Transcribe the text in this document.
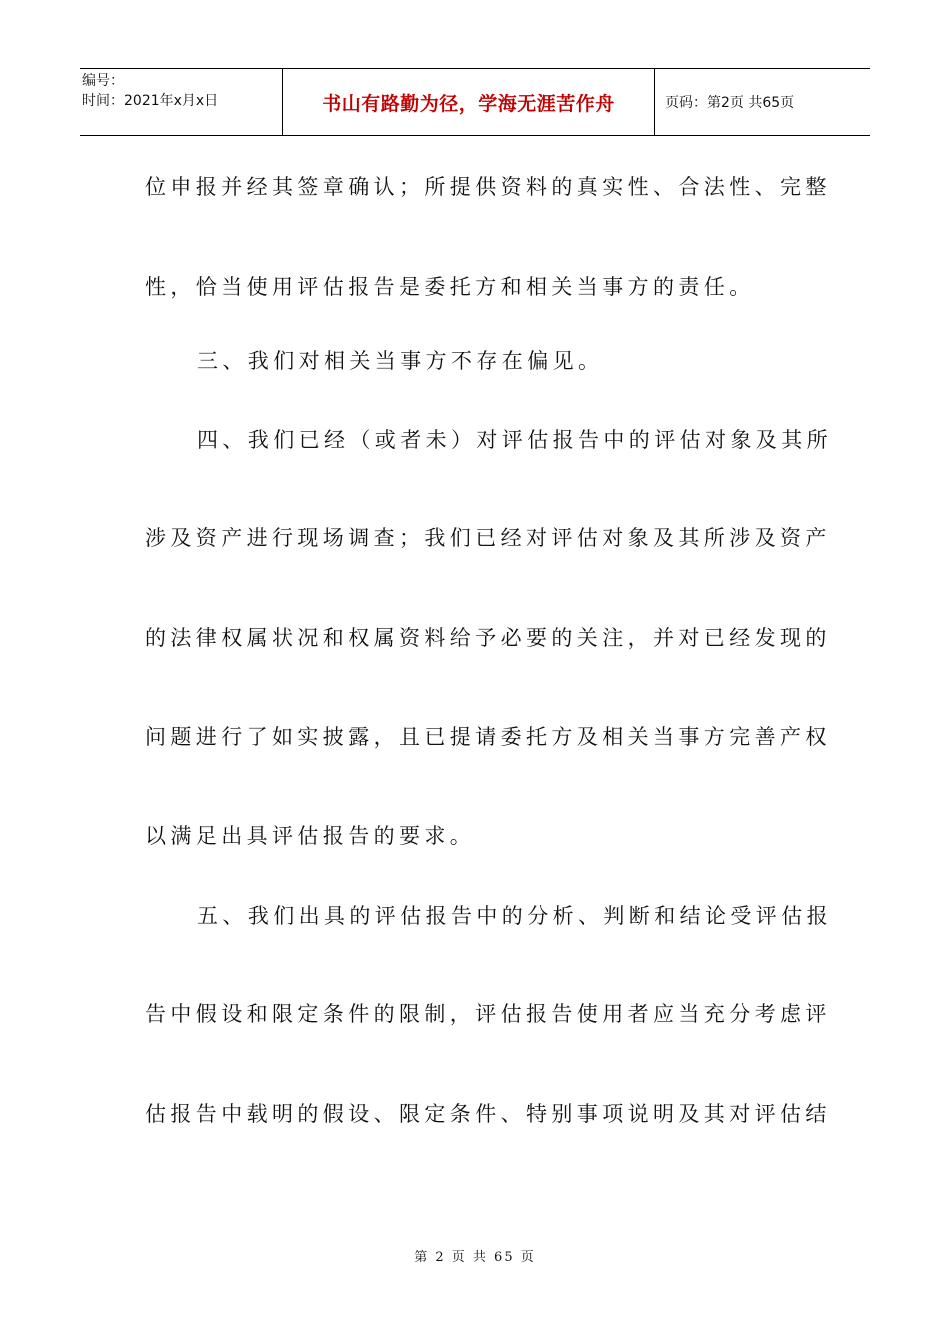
编号：
时间：2021年x月x日	书山有路勤为径，学海无涯苦作舟	页码：第2页 共65页
位申报并经其签章确认；所提供资料的真实性、合法性、完整
性，恰当使用评估报告是委托方和相关当事方的责任。
三、我们对相关当事方不存在偏见。
四、我们已经（或者未）对评估报告中的评估对象及其所
涉及资产进行现场调查；我们已经对评估对象及其所涉及资产
的法律权属状况和权属资料给予必要的关注，并对已经发现的
问题进行了如实披露，且已提请委托方及相关当事方完善产权
以满足出具评估报告的要求。
五、我们出具的评估报告中的分析、判断和结论受评估报
告中假设和限定条件的限制，评估报告使用者应当充分考虑评
估报告中载明的假设、限定条件、特别事项说明及其对评估结
第 2 页 共 65 页
